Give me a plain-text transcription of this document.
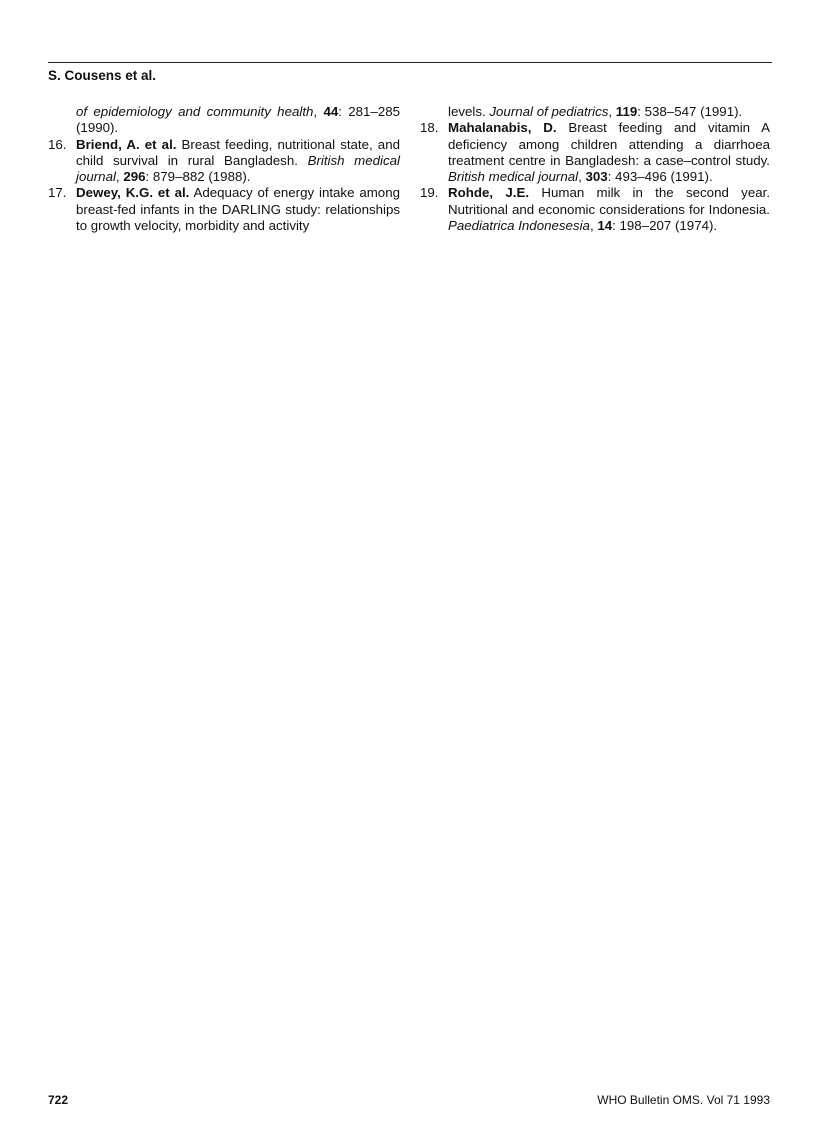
S. Cousens et al.

of epidemiology and community health, 44: 281–285 (1990).

16. Briend, A. et al. Breast feeding, nutritional state, and child survival in rural Bangladesh. British medical journal, 296: 879–882 (1988).

17. Dewey, K.G. et al. Adequacy of energy intake among breast-fed infants in the DARLING study: relationships to growth velocity, morbidity and activity

levels. Journal of pediatrics, 119: 538–547 (1991).

18. Mahalanabis, D. Breast feeding and vitamin A deficiency among children attending a diarrhoea treatment centre in Bangladesh: a case–control study. British medical journal, 303: 493–496 (1991).

19. Rohde, J.E. Human milk in the second year. Nutritional and economic considerations for Indonesia. Paediatrica Indonesesia, 14: 198–207 (1974).

722	WHO Bulletin OMS. Vol 71 1993
